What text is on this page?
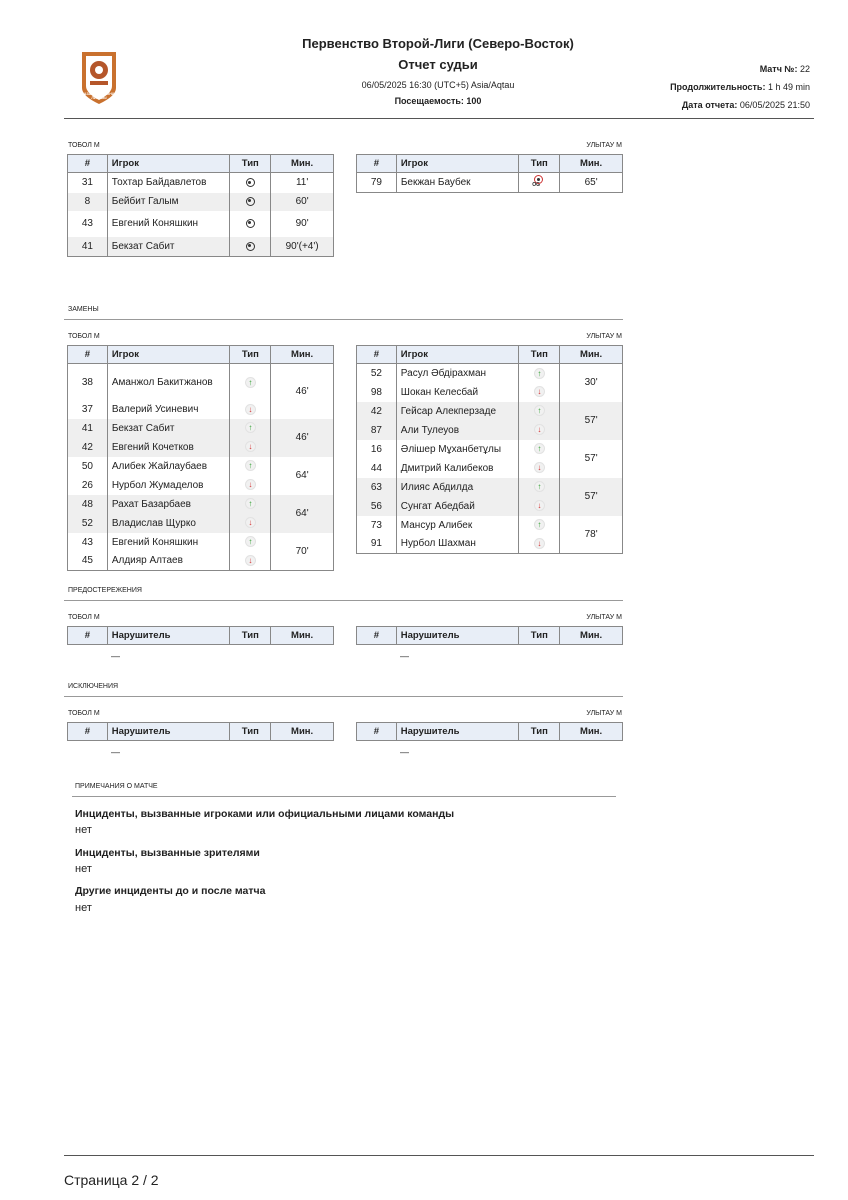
КАЗАХСТАН ЕКІНШІ ЛИГАСЫ
Первенство Второй-Лиги (Северо-Восток)
Отчет судьи
06/05/2025 16:30 (UTC+5) Asia/Aqtau
Посещаемость: 100
Матч №: 22
Продолжительность: 1 h 49 min
Дата отчета: 06/05/2025 21:50
ТОБОЛ М	УЛЫТАУ М
#	Игрок	Тип	Мин.
31	Тохтар Байдавлетов		11'
8	Бейбит Галым		60'
43	Евгений Коняшкин		90'
41	Бекзат Сабит		90'(+4')
#	Игрок	Тип	Мин.
79	Бекжан Баубек	OG	65'
ЗАМЕНЫ
ТОБОЛ М	УЛЫТАУ М
#	Игрок	Тип	Мин.
38	Аманжол Бакитжанов	↑	46'
37	Валерий Усиневич	↓	
41	Бекзат Сабит	↑	46'
42	Евгений Кочетков	↓	
50	Алибек Жайлаубаев	↑	64'
26	Нурбол Жумаделов	↓	
48	Рахат Базарбаев	↑	64'
52	Владислав Щурко	↓	
43	Евгений Коняшкин	↑	70'
45	Алдияр Алтаев	↓	
#	Игрок	Тип	Мин.
52	Расул Әбдірахман	↑	30'
98	Шокан Келесбай	↓	
42	Гейсар Алекперзаде	↑	57'
87	Али Тулеуов	↓	
16	Әлішер Мұханбетұлы	↑	57'
44	Дмитрий Калибеков	↓	
63	Илияс Абдилда	↑	57'
56	Сунгат Абедбай	↓	
73	Мансур Алибек	↑	78'
91	Нурбол Шахман	↓	
ПРЕДОСТЕРЕЖЕНИЯ
ТОБОЛ М	УЛЫТАУ М
#	Нарушитель	Тип	Мин.
—
#	Нарушитель	Тип	Мин.
—
ИСКЛЮЧЕНИЯ
ТОБОЛ М	УЛЫТАУ М
#	Нарушитель	Тип	Мин.
—
#	Нарушитель	Тип	Мин.
—
ПРИМЕЧАНИЯ О МАТЧЕ
Инциденты, вызванные игроками или официальными лицами команды
нет
Инциденты, вызванные зрителями
нет
Другие инциденты до и после матча
нет
Страница 2 / 2
